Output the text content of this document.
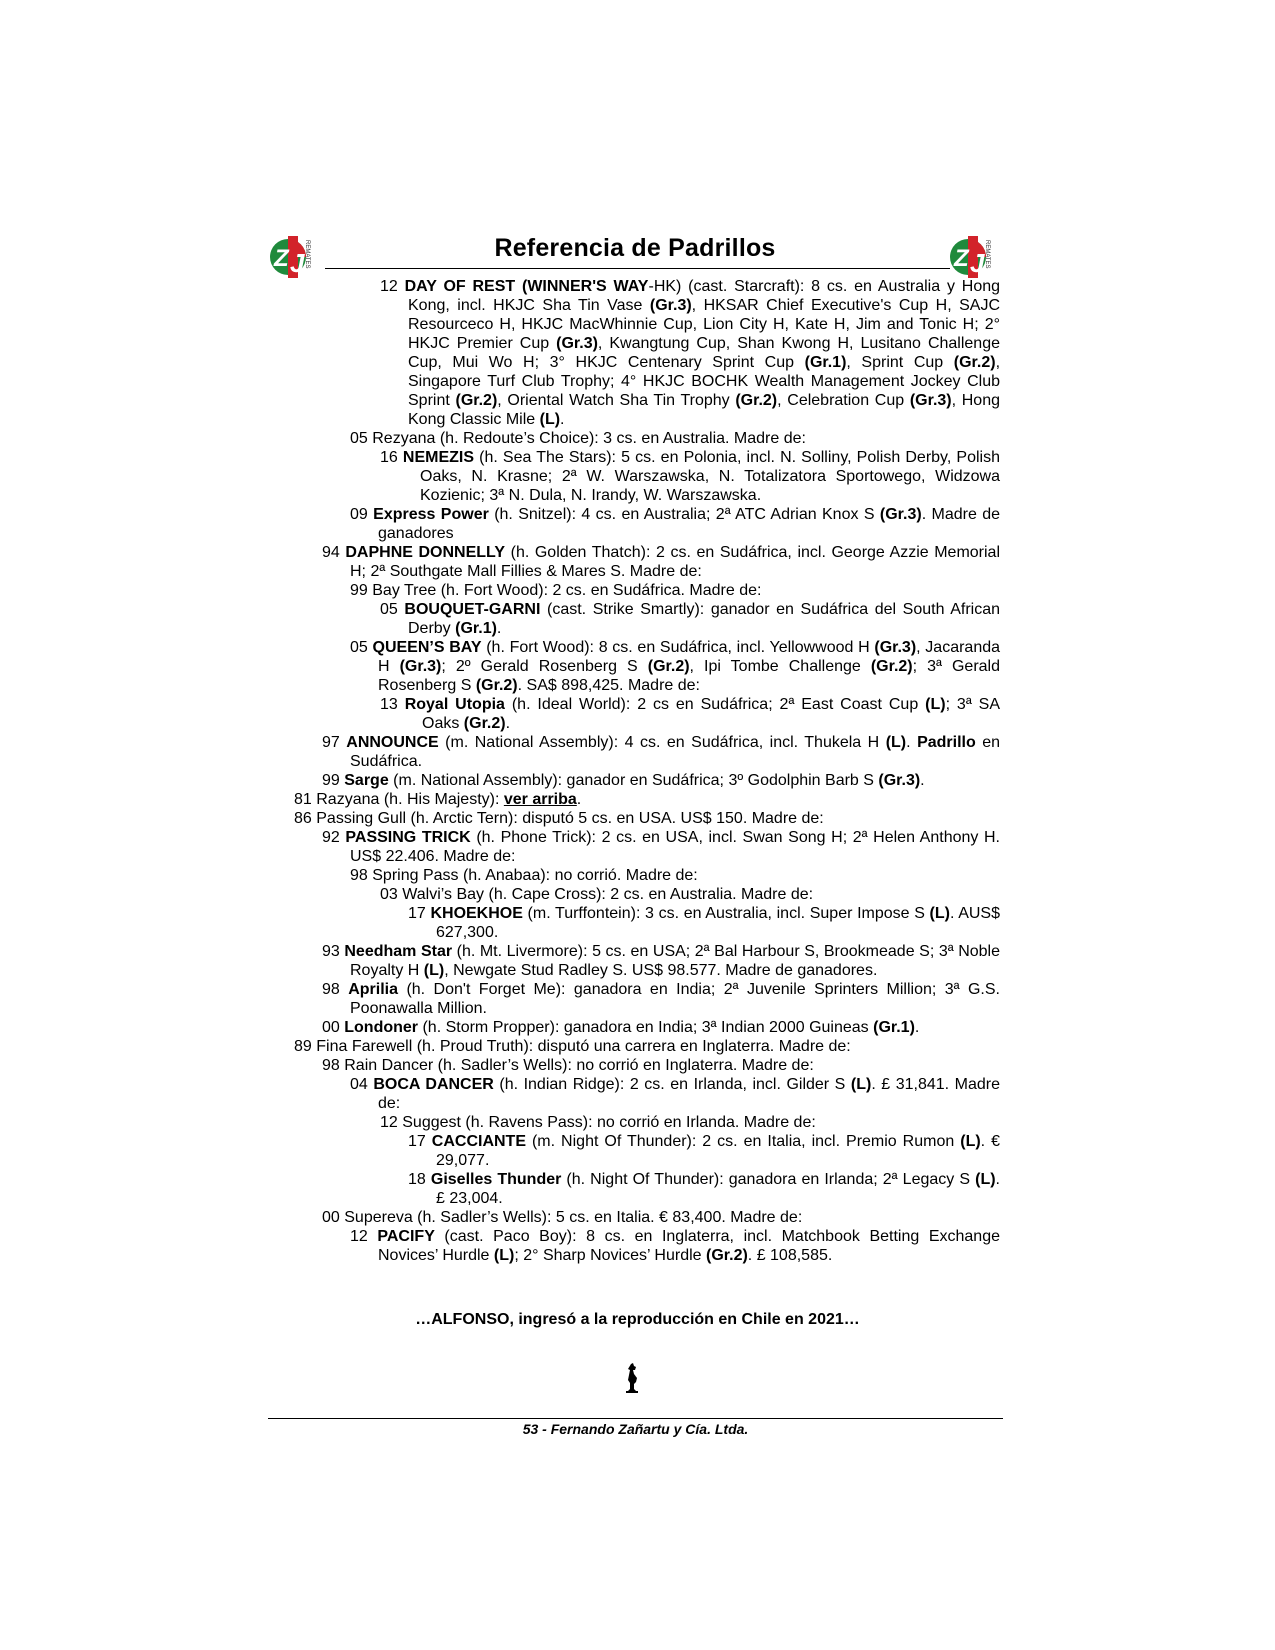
Z J REMATES	Referencia de Padrillos	Z J REMATES
12 DAY OF REST (WINNER'S WAY-HK) (cast. Starcraft): 8 cs. en Australia y Hong Kong, incl. HKJC Sha Tin Vase (Gr.3), HKSAR Chief Executive's Cup H, SAJC Resourceco H, HKJC MacWhinnie Cup, Lion City H, Kate H, Jim and Tonic H; 2° HKJC Premier Cup (Gr.3), Kwangtung Cup, Shan Kwong H, Lusitano Challenge Cup, Mui Wo H; 3° HKJC Centenary Sprint Cup (Gr.1), Sprint Cup (Gr.2), Singapore Turf Club Trophy; 4° HKJC BOCHK Wealth Management Jockey Club Sprint (Gr.2), Oriental Watch Sha Tin Trophy (Gr.2), Celebration Cup (Gr.3), Hong Kong Classic Mile (L).
05 Rezyana (h. Redoute’s Choice): 3 cs. en Australia. Madre de:
16 NEMEZIS (h. Sea The Stars): 5 cs. en Polonia, incl. N. Solliny, Polish Derby, Polish Oaks, N. Krasne; 2ª W. Warszawska, N. Totalizatora Sportowego, Widzowa Kozienic; 3ª N. Dula, N. Irandy, W. Warszawska.
09 Express Power (h. Snitzel): 4 cs. en Australia; 2ª ATC Adrian Knox S (Gr.3). Madre de ganadores
94 DAPHNE DONNELLY (h. Golden Thatch): 2 cs. en Sudáfrica, incl. George Azzie Memorial H; 2ª Southgate Mall Fillies & Mares S. Madre de:
99 Bay Tree (h. Fort Wood): 2 cs. en Sudáfrica. Madre de:
05 BOUQUET-GARNI (cast. Strike Smartly): ganador en Sudáfrica del South African Derby (Gr.1).
05 QUEEN’S BAY (h. Fort Wood): 8 cs. en Sudáfrica, incl. Yellowwood H (Gr.3), Jacaranda H (Gr.3); 2º Gerald Rosenberg S (Gr.2), Ipi Tombe Challenge (Gr.2); 3ª Gerald Rosenberg S (Gr.2). SA$ 898,425. Madre de:
13 Royal Utopia (h. Ideal World): 2 cs en Sudáfrica; 2ª East Coast Cup (L); 3ª SA Oaks (Gr.2).
97 ANNOUNCE (m. National Assembly): 4 cs. en Sudáfrica, incl. Thukela H (L). Padrillo en Sudáfrica.
99 Sarge (m. National Assembly): ganador en Sudáfrica; 3º Godolphin Barb S (Gr.3).
81 Razyana (h. His Majesty): ver arriba.
86 Passing Gull (h. Arctic Tern): disputó 5 cs. en USA. US$ 150. Madre de:
92 PASSING TRICK (h. Phone Trick): 2 cs. en USA, incl. Swan Song H; 2ª Helen Anthony H. US$ 22.406. Madre de:
98 Spring Pass (h. Anabaa): no corrió. Madre de:
03 Walvi’s Bay (h. Cape Cross): 2 cs. en Australia. Madre de:
17 KHOEKHOE (m. Turffontein): 3 cs. en Australia, incl. Super Impose S (L). AUS$ 627,300.
93 Needham Star (h. Mt. Livermore): 5 cs. en USA; 2ª Bal Harbour S, Brookmeade S; 3ª Noble Royalty H (L), Newgate Stud Radley S. US$ 98.577. Madre de ganadores.
98 Aprilia (h. Don't Forget Me): ganadora en India; 2ª Juvenile Sprinters Million; 3ª G.S. Poonawalla Million.
00 Londoner (h. Storm Propper): ganadora en India; 3ª Indian 2000 Guineas (Gr.1).
89 Fina Farewell (h. Proud Truth): disputó una carrera en Inglaterra. Madre de:
98 Rain Dancer (h. Sadler’s Wells): no corrió en Inglaterra. Madre de:
04 BOCA DANCER (h. Indian Ridge): 2 cs. en Irlanda, incl. Gilder S (L). £ 31,841. Madre de:
12 Suggest (h. Ravens Pass): no corrió en Irlanda. Madre de:
17 CACCIANTE (m. Night Of Thunder): 2 cs. en Italia, incl. Premio Rumon (L). € 29,077.
18 Giselles Thunder (h. Night Of Thunder): ganadora en Irlanda; 2ª Legacy S (L). £ 23,004.
00 Supereva (h. Sadler’s Wells): 5 cs. en Italia. € 83,400. Madre de:
12 PACIFY (cast. Paco Boy): 8 cs. en Inglaterra, incl. Matchbook Betting Exchange Novices’ Hurdle (L); 2° Sharp Novices’ Hurdle (Gr.2). £ 108,585.
…ALFONSO, ingresó a la reproducción en Chile en 2021…
53 - Fernando Zañartu y Cía. Ltda.
